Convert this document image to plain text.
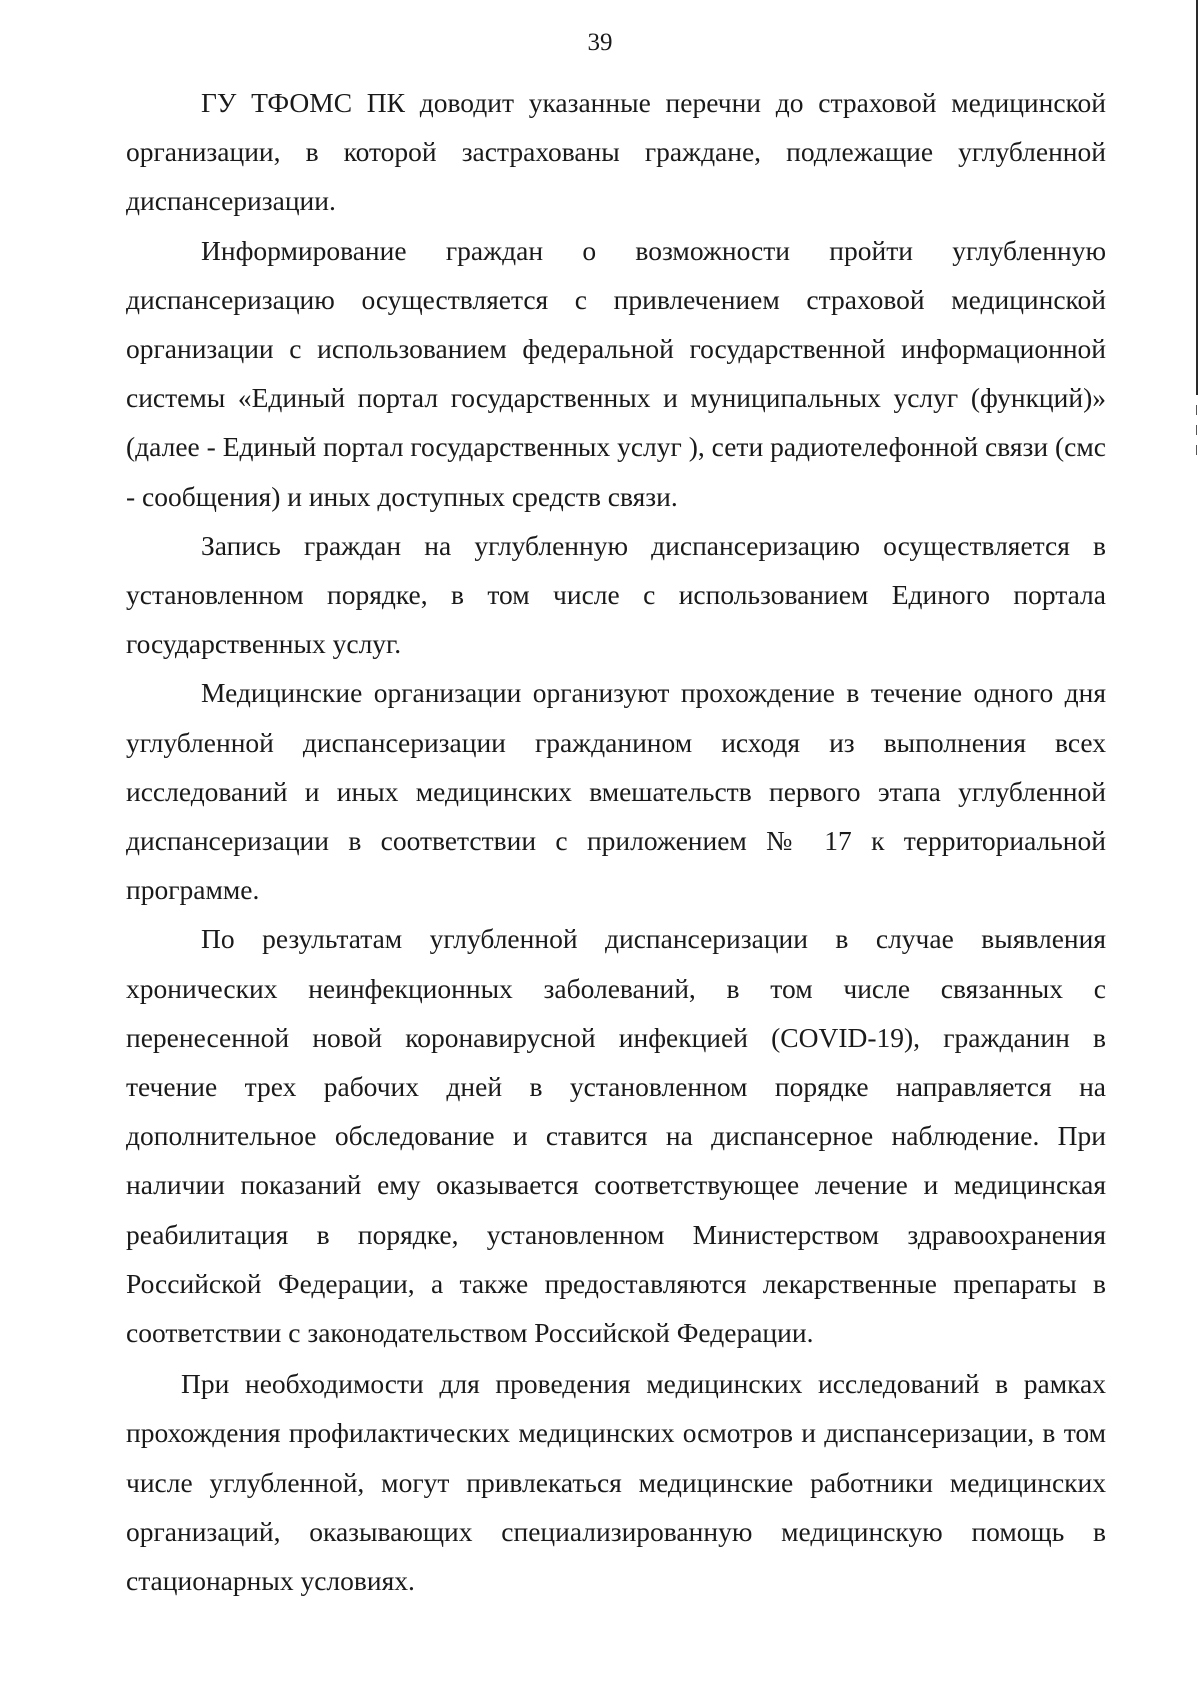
39

ГУ ТФОМС ПК доводит указанные перечни до страховой медицинской организации, в которой застрахованы граждане, подлежащие углубленной диспансеризации.

Информирование граждан о возможности пройти углубленную диспансеризацию осуществляется с привлечением страховой медицинской организации с использованием федеральной государственной информационной системы «Единый портал государственных и муниципальных услуг (функций)» (далее - Единый портал государственных услуг ), сети радиотелефонной связи (смс - сообщения) и иных доступных средств связи.

Запись граждан на углубленную диспансеризацию осуществляется в установленном порядке, в том числе с использованием Единого портала государственных услуг.

Медицинские организации организуют прохождение в течение одного дня углубленной диспансеризации гражданином исходя из выполнения всех исследований и иных медицинских вмешательств первого этапа углубленной диспансеризации в соответствии с приложением № 17 к территориальной программе.

По результатам углубленной диспансеризации в случае выявления хронических неинфекционных заболеваний, в том числе связанных с перенесенной новой коронавирусной инфекцией (COVID-19), гражданин в течение трех рабочих дней в установленном порядке направляется на дополнительное обследование и ставится на диспансерное наблюдение. При наличии показаний ему оказывается соответствующее лечение и медицинская реабилитация в порядке, установленном Министерством здравоохранения Российской Федерации, а также предоставляются лекарственные препараты в соответствии с законодательством Российской Федерации.

При необходимости для проведения медицинских исследований в рамках прохождения профилактических медицинских осмотров и диспансеризации, в том числе углубленной, могут привлекаться медицинские работники медицинских организаций, оказывающих специализированную медицинскую помощь в стационарных условиях.
